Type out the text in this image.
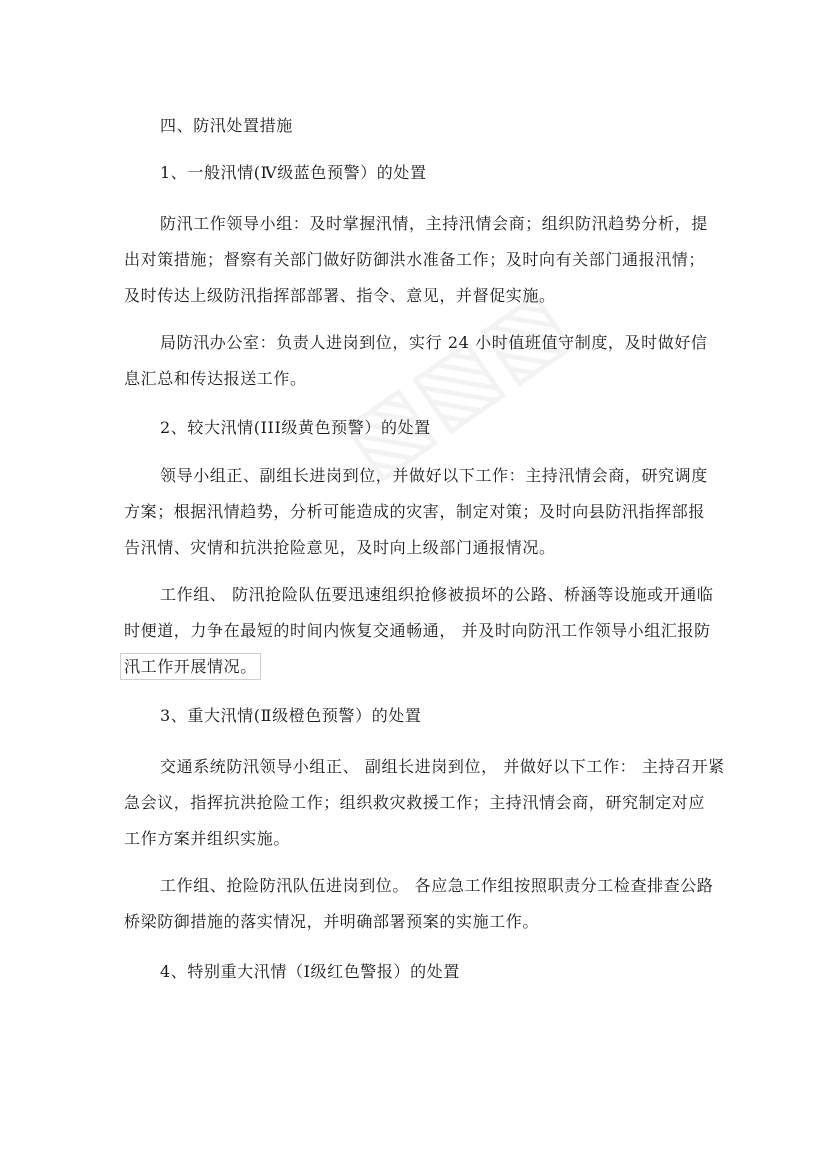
四、防汛处置措施
1、一般汛情(Ⅳ级蓝色预警）的处置
防汛工作领导小组：及时掌握汛情，主持汛情会商；组织防汛趋势分析，提
出对策措施；督察有关部门做好防御洪水准备工作；及时向有关部门通报汛情；
及时传达上级防汛指挥部部署、指令、意见，并督促实施。
局防汛办公室：负责人进岗到位，实行 24 小时值班值守制度，及时做好信
息汇总和传达报送工作。
2、较大汛情(III级黄色预警）的处置
领导小组正、副组长进岗到位，并做好以下工作：主持汛情会商，研究调度
方案；根据汛情趋势，分析可能造成的灾害，制定对策；及时向县防汛指挥部报
告汛情、灾情和抗洪抢险意见，及时向上级部门通报情况。
工作组、 防汛抢险队伍要迅速组织抢修被损坏的公路、桥涵等设施或开通临
时便道，力争在最短的时间内恢复交通畅通， 并及时向防汛工作领导小组汇报防
汛工作开展情况。
3、重大汛情(Ⅱ级橙色预警）的处置
交通系统防汛领导小组正、 副组长进岗到位， 并做好以下工作： 主持召开紧
急会议，指挥抗洪抢险工作；组织救灾救援工作；主持汛情会商，研究制定对应
工作方案并组织实施。
工作组、抢险防汛队伍进岗到位。 各应急工作组按照职责分工检查排查公路
桥梁防御措施的落实情况，并明确部署预案的实施工作。
4、特别重大汛情（Ⅰ级红色警报）的处置
